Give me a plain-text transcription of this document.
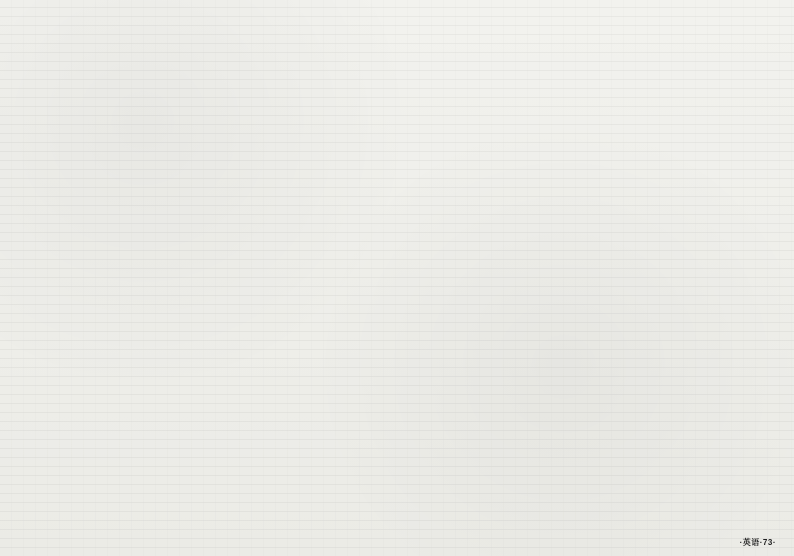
·英语·73·
